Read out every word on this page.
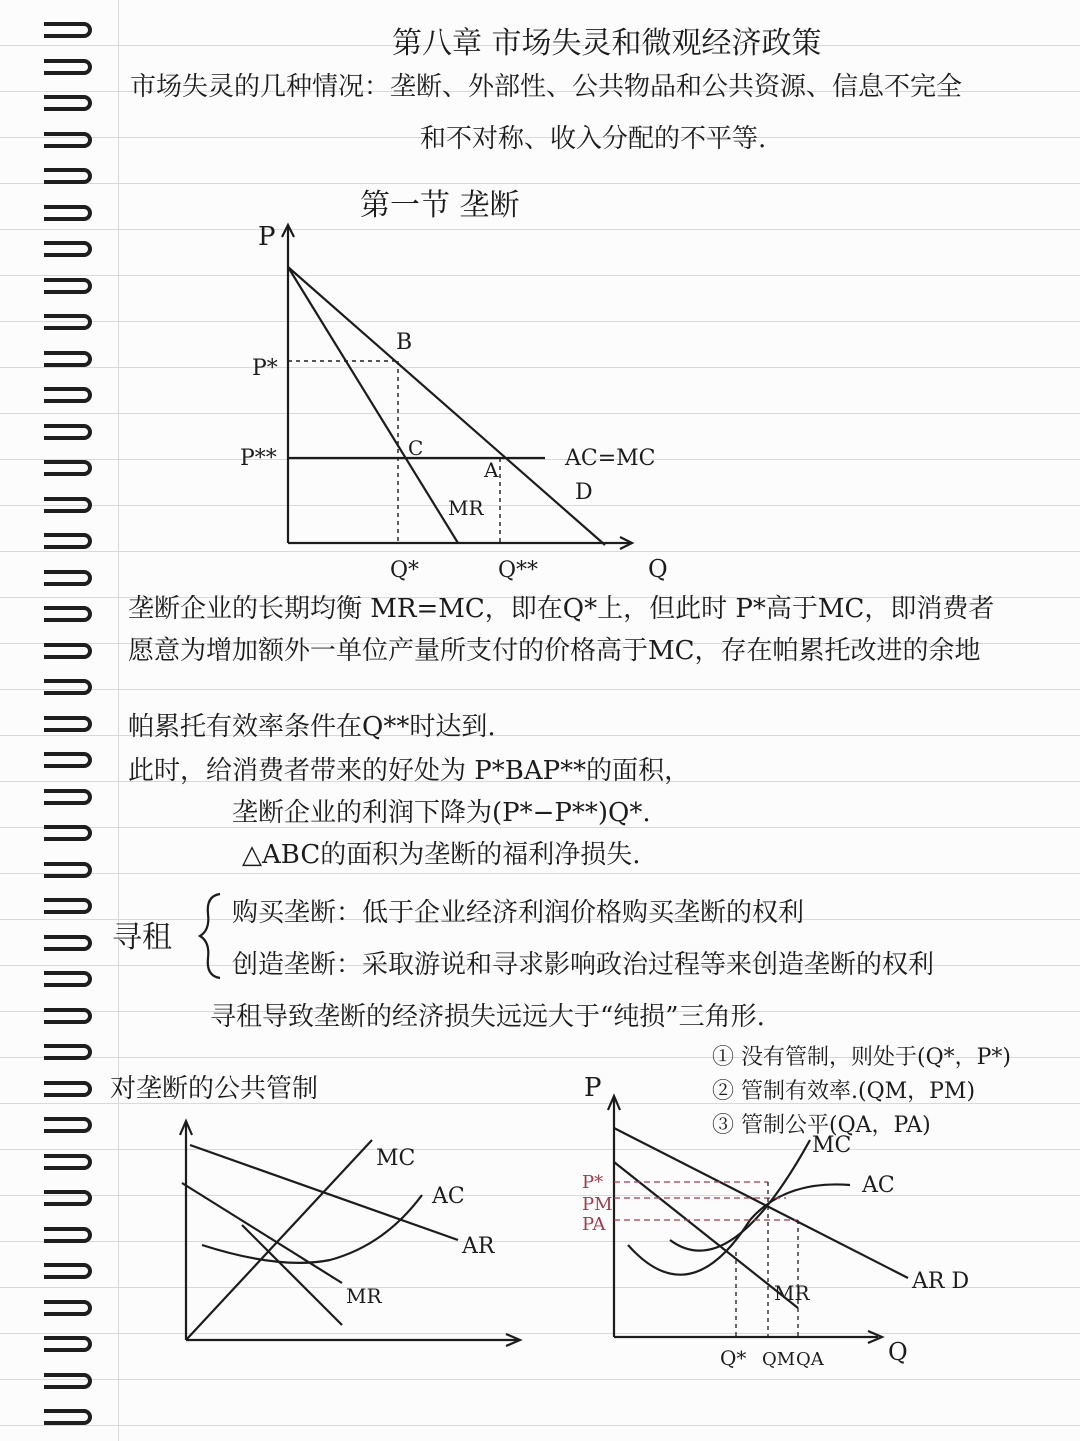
第八章 市场失灵和微观经济政策
市场失灵的几种情况：垄断、外部性、公共物品和公共资源、信息不完全
和不对称、收入分配的不平等.
第一节 垄断
P
Q
P*
P**
B
C
A	AC=MC
D
MR
Q*	Q**
垄断企业的长期均衡 MR=MC，即在Q*上，但此时 P*高于MC，即消费者
愿意为增加额外一单位产量所支付的价格高于MC，存在帕累托改进的余地
帕累托有效率条件在Q**时达到.
此时，给消费者带来的好处为 P*BAP**的面积，
垄断企业的利润下降为(P*−P**)Q*.
△ABC的面积为垄断的福利净损失.
寻租
购买垄断：低于企业经济利润价格购买垄断的权利
创造垄断：采取游说和寻求影响政治过程等来创造垄断的权利
寻租导致垄断的经济损失远远大于“纯损”三角形.
对垄断的公共管制
① 没有管制，则处于(Q*，P*)
② 管制有效率.(QM，PM)
③ 管制公平(QA，PA)
MC
AC
AR
MR
P
Q
P*
PM
PA
MC
AC
AR D
MR
Q* QM QA
